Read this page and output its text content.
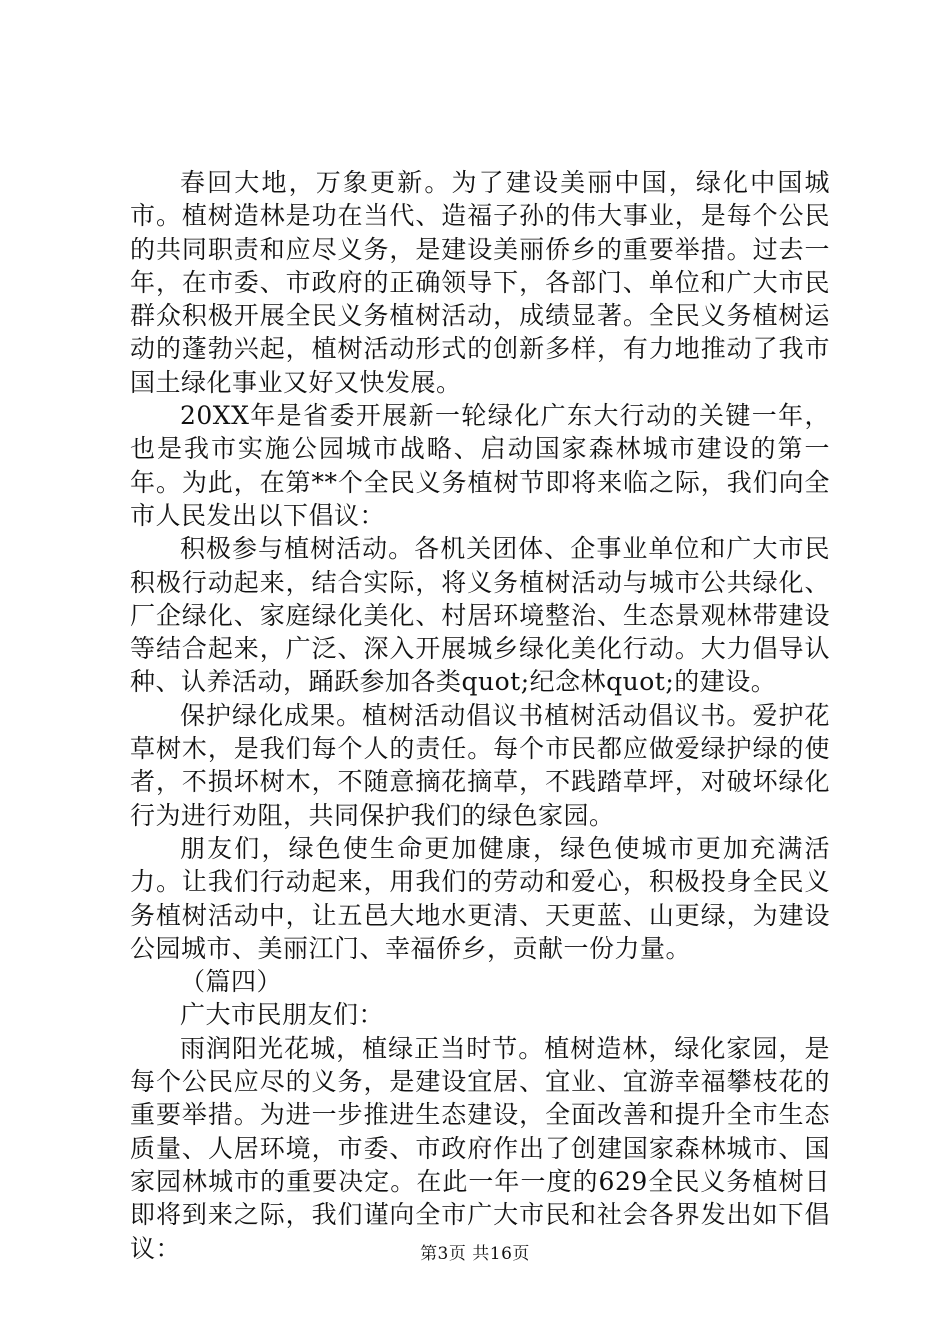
春回大地，万象更新。为了建设美丽中国，绿化中国城市。植树造林是功在当代、造福子孙的伟大事业，是每个公民的共同职责和应尽义务，是建设美丽侨乡的重要举措。过去一年，在市委、市政府的正确领导下，各部门、单位和广大市民群众积极开展全民义务植树活动，成绩显著。全民义务植树运动的蓬勃兴起，植树活动形式的创新多样，有力地推动了我市国土绿化事业又好又快发展。

20XX年是省委开展新一轮绿化广东大行动的关键一年，也是我市实施公园城市战略、启动国家森林城市建设的第一年。为此，在第**个全民义务植树节即将来临之际，我们向全市人民发出以下倡议：

积极参与植树活动。各机关团体、企事业单位和广大市民积极行动起来，结合实际，将义务植树活动与城市公共绿化、厂企绿化、家庭绿化美化、村居环境整治、生态景观林带建设等结合起来，广泛、深入开展城乡绿化美化行动。大力倡导认种、认养活动，踊跃参加各类quot;纪念林quot;的建设。

保护绿化成果。植树活动倡议书植树活动倡议书。爱护花草树木，是我们每个人的责任。每个市民都应做爱绿护绿的使者，不损坏树木，不随意摘花摘草，不践踏草坪，对破坏绿化行为进行劝阻，共同保护我们的绿色家园。

朋友们，绿色使生命更加健康，绿色使城市更加充满活力。让我们行动起来，用我们的劳动和爱心，积极投身全民义务植树活动中，让五邑大地水更清、天更蓝、山更绿，为建设公园城市、美丽江门、幸福侨乡，贡献一份力量。

（篇四）

广大市民朋友们：

雨润阳光花城，植绿正当时节。植树造林，绿化家园，是每个公民应尽的义务，是建设宜居、宜业、宜游幸福攀枝花的重要举措。为进一步推进生态建设，全面改善和提升全市生态质量、人居环境，市委、市政府作出了创建国家森林城市、国家园林城市的重要决定。在此一年一度的629全民义务植树日即将到来之际，我们谨向全市广大市民和社会各界发出如下倡议：	第3页 共16页
